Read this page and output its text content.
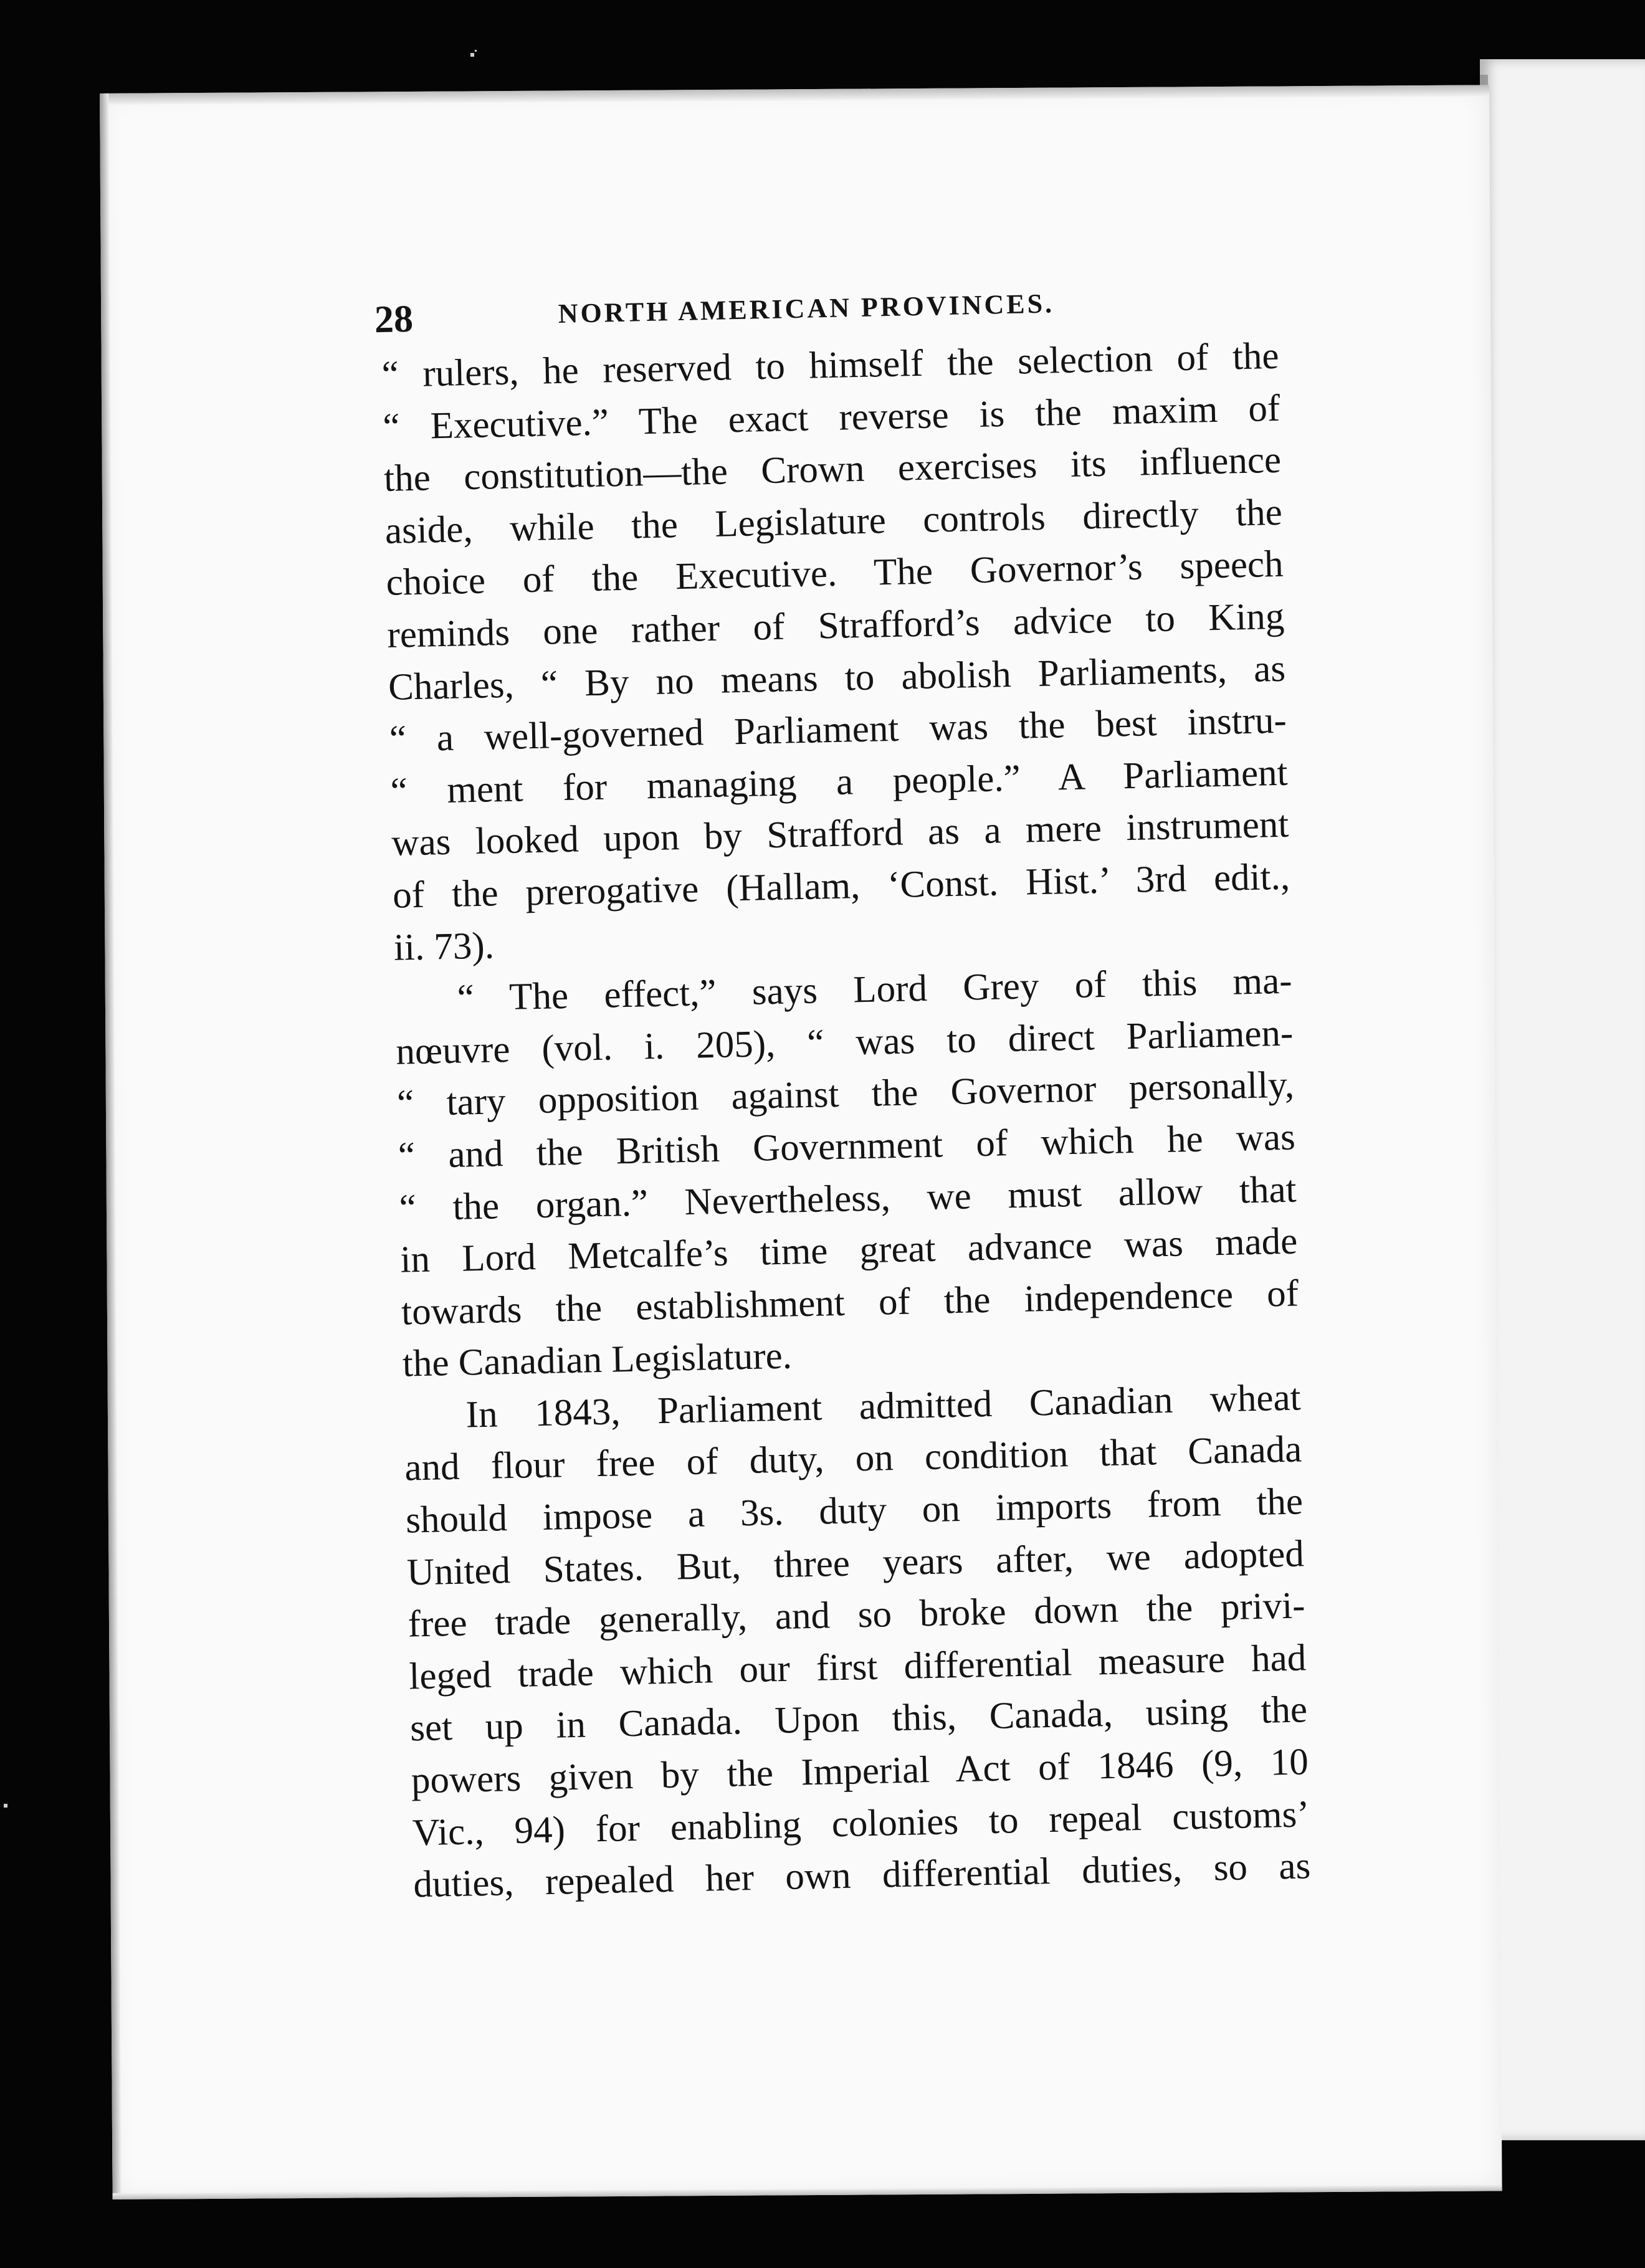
28	NORTH AMERICAN PROVINCES.
“ rulers, he reserved to himself the selection of the
“ Executive.” The exact reverse is the maxim of
the constitution—the Crown exercises its influence
aside, while the Legislature controls directly the
choice of the Executive. The Governor’s speech
reminds one rather of Strafford’s advice to King
Charles, “ By no means to abolish Parliaments, as
“ a well-governed Parliament was the best instru-
“ ment for managing a people.” A Parliament
was looked upon by Strafford as a mere instrument
of the prerogative (Hallam, ‘Const. Hist.’ 3rd edit.,
ii. 73).
“ The effect,” says Lord Grey of this ma-
nœuvre (vol. i. 205), “ was to direct Parliamen-
“ tary opposition against the Governor personally,
“ and the British Government of which he was
“ the organ.” Nevertheless, we must allow that
in Lord Metcalfe’s time great advance was made
towards the establishment of the independence of
the Canadian Legislature.
In 1843, Parliament admitted Canadian wheat
and flour free of duty, on condition that Canada
should impose a 3s. duty on imports from the
United States. But, three years after, we adopted
free trade generally, and so broke down the privi-
leged trade which our first differential measure had
set up in Canada. Upon this, Canada, using the
powers given by the Imperial Act of 1846 (9, 10
Vic., 94) for enabling colonies to repeal customs’
duties, repealed her own differential duties, so as
